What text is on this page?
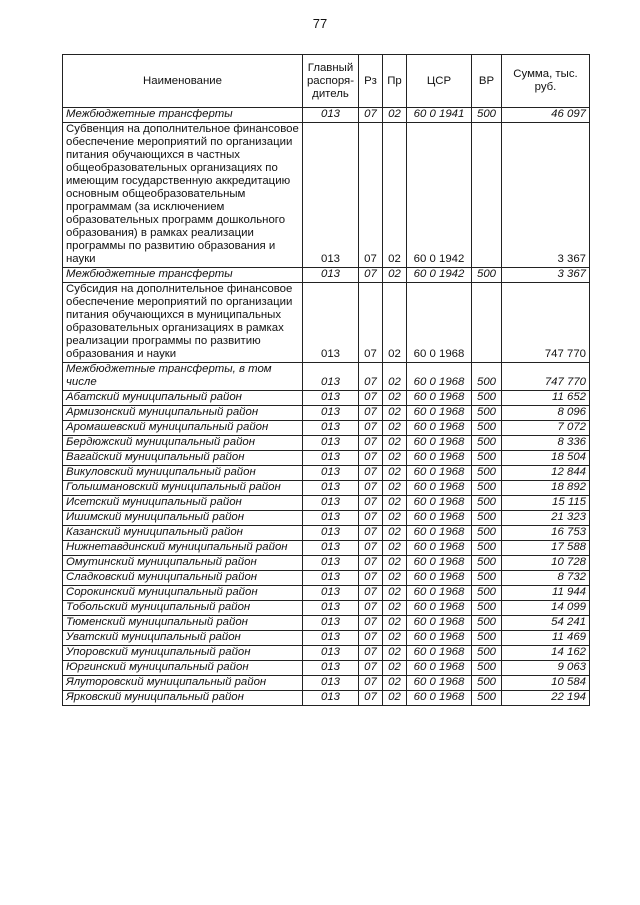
77
Наименование	Главный распоря-дитель	Рз	Пр	ЦСР	ВР	Сумма, тыс. руб.
Межбюджетные трансферты	013	07	02	60 0 1941	500	46 097
Субвенция на дополнительное финансовое обеспечение мероприятий по организации питания обучающихся в частных общеобразовательных организациях по имеющим государственную аккредитацию основным общеобразовательным программам (за исключением образовательных программ дошкольного образования) в рамках реализации программы по развитию образования и науки	013	07	02	60 0 1942		3 367
Межбюджетные трансферты	013	07	02	60 0 1942	500	3 367
Субсидия на дополнительное финансовое обеспечение мероприятий по организации питания обучающихся в муниципальных образовательных организациях в рамках реализации программы по развитию образования и науки	013	07	02	60 0 1968		747 770
Межбюджетные трансферты, в том числе	013	07	02	60 0 1968	500	747 770
Абатский муниципальный район	013	07	02	60 0 1968	500	11 652
Армизонский муниципальный район	013	07	02	60 0 1968	500	8 096
Аромашевский муниципальный район	013	07	02	60 0 1968	500	7 072
Бердюжский муниципальный район	013	07	02	60 0 1968	500	8 336
Вагайский муниципальный район	013	07	02	60 0 1968	500	18 504
Викуловский муниципальный район	013	07	02	60 0 1968	500	12 844
Голышмановский муниципальный район	013	07	02	60 0 1968	500	18 892
Исетский муниципальный район	013	07	02	60 0 1968	500	15 115
Ишимский муниципальный район	013	07	02	60 0 1968	500	21 323
Казанский муниципальный район	013	07	02	60 0 1968	500	16 753
Нижнетавдинский муниципальный район	013	07	02	60 0 1968	500	17 588
Омутинский муниципальный район	013	07	02	60 0 1968	500	10 728
Сладковский муниципальный район	013	07	02	60 0 1968	500	8 732
Сорокинский муниципальный район	013	07	02	60 0 1968	500	11 944
Тобольский муниципальный район	013	07	02	60 0 1968	500	14 099
Тюменский муниципальный район	013	07	02	60 0 1968	500	54 241
Уватский муниципальный район	013	07	02	60 0 1968	500	11 469
Упоровский муниципальный район	013	07	02	60 0 1968	500	14 162
Юргинский муниципальный район	013	07	02	60 0 1968	500	9 063
Ялуторовский муниципальный район	013	07	02	60 0 1968	500	10 584
Ярковский муниципальный район	013	07	02	60 0 1968	500	22 194
